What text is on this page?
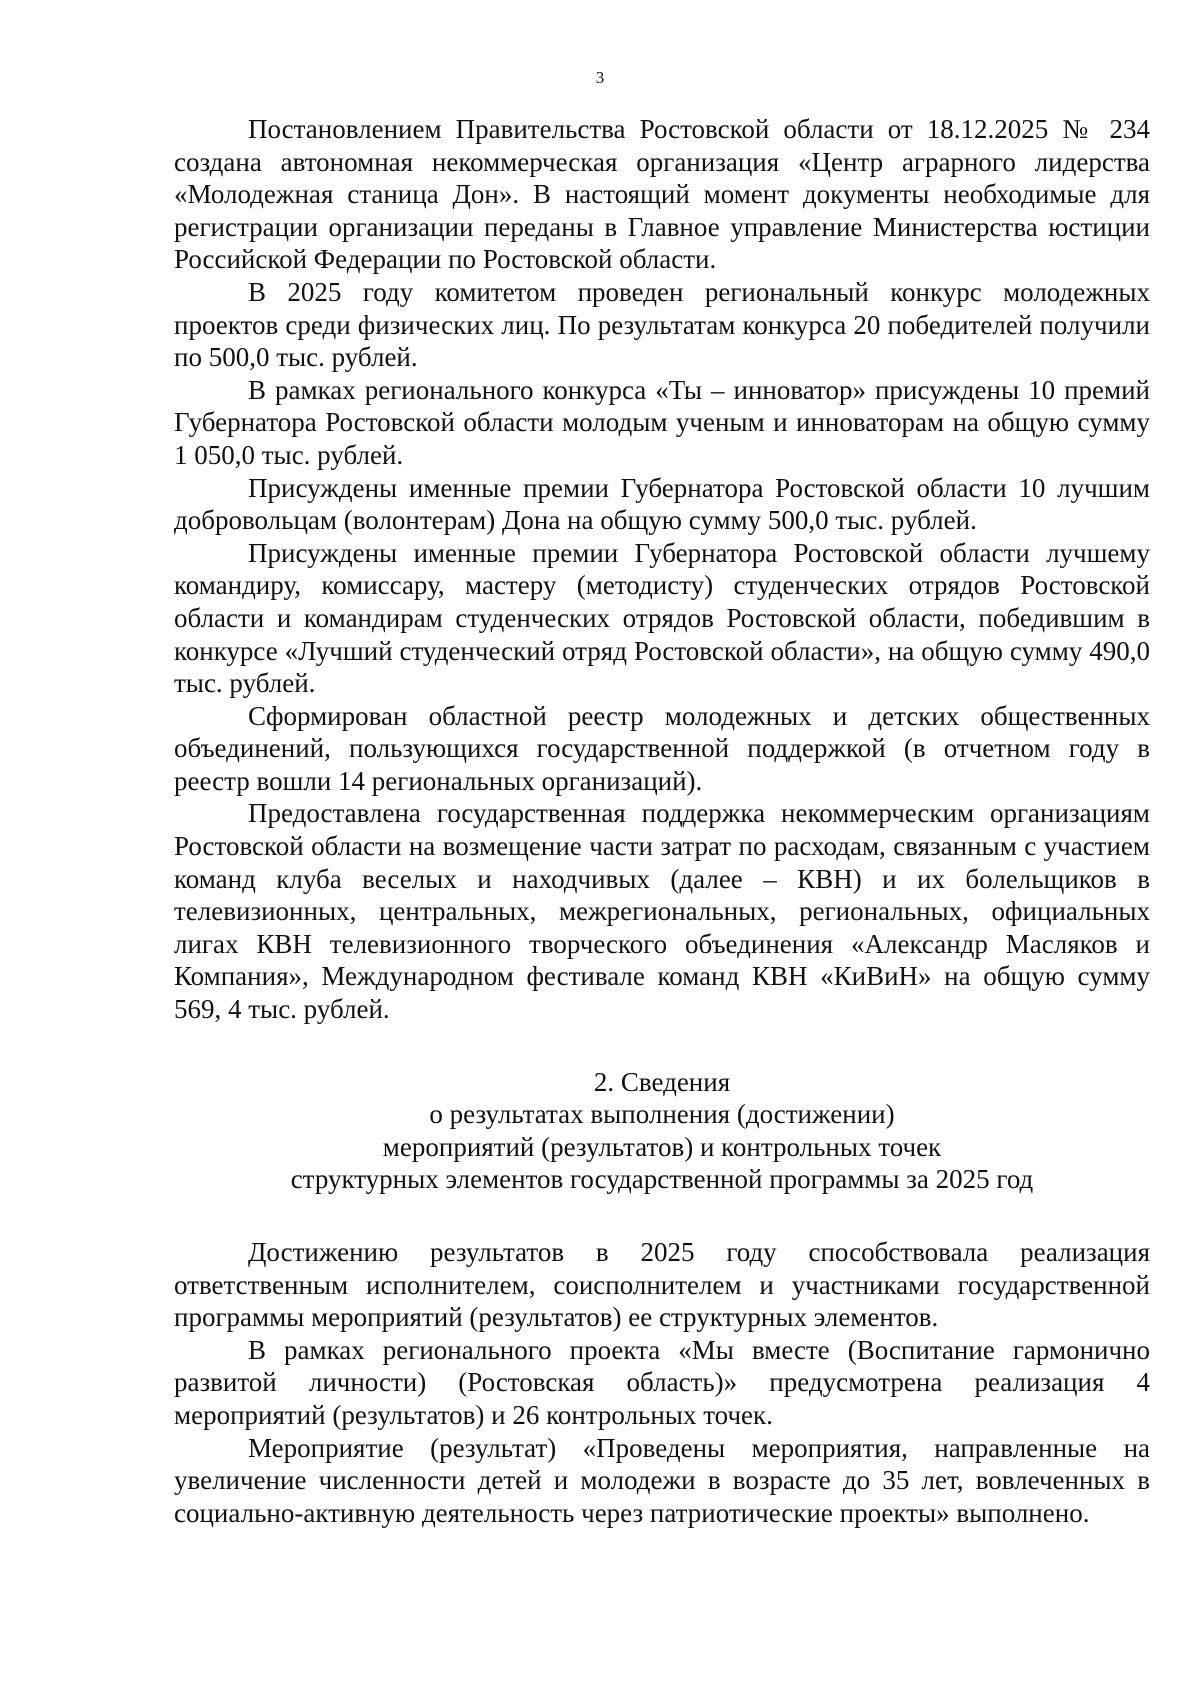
3

Постановлением Правительства Ростовской области от 18.12.2025 № 234 создана автономная некоммерческая организация «Центр аграрного лидерства «Молодежная станица Дон». В настоящий момент документы необходимые для регистрации организации переданы в Главное управление Министерства юстиции Российской Федерации по Ростовской области.

В 2025 году комитетом проведен региональный конкурс молодежных проектов среди физических лиц. По результатам конкурса 20 победителей получили по 500,0 тыс. рублей.

В рамках регионального конкурса «Ты – инноватор» присуждены 10 премий Губернатора Ростовской области молодым ученым и инноваторам на общую сумму 1 050,0 тыс. рублей.

Присуждены именные премии Губернатора Ростовской области 10 лучшим добровольцам (волонтерам) Дона на общую сумму 500,0 тыс. рублей.

Присуждены именные премии Губернатора Ростовской области лучшему командиру, комиссару, мастеру (методисту) студенческих отрядов Ростовской области и командирам студенческих отрядов Ростовской области, победившим в конкурсе «Лучший студенческий отряд Ростовской области», на общую сумму 490,0 тыс. рублей.

Сформирован областной реестр молодежных и детских общественных объединений, пользующихся государственной поддержкой (в отчетном году в реестр вошли 14 региональных организаций).

Предоставлена государственная поддержка некоммерческим организациям Ростовской области на возмещение части затрат по расходам, связанным с участием команд клуба веселых и находчивых (далее – КВН) и их болельщиков в телевизионных, центральных, межрегиональных, региональных, официальных лигах КВН телевизионного творческого объединения «Александр Масляков и Компания», Международном фестивале команд КВН «КиВиН» на общую сумму 569, 4 тыс. рублей.

2. Сведения
о результатах выполнения (достижении)
мероприятий (результатов) и контрольных точек
структурных элементов государственной программы за 2025 год

Достижению результатов в 2025 году способствовала реализация ответственным исполнителем, соисполнителем и участниками государственной программы мероприятий (результатов) ее структурных элементов.

В рамках регионального проекта «Мы вместе (Воспитание гармонично развитой личности) (Ростовская область)» предусмотрена реализация 4 мероприятий (результатов) и 26 контрольных точек.

Мероприятие (результат) «Проведены мероприятия, направленные на увеличение численности детей и молодежи в возрасте до 35 лет, вовлеченных в социально-активную деятельность через патриотические проекты» выполнено.
